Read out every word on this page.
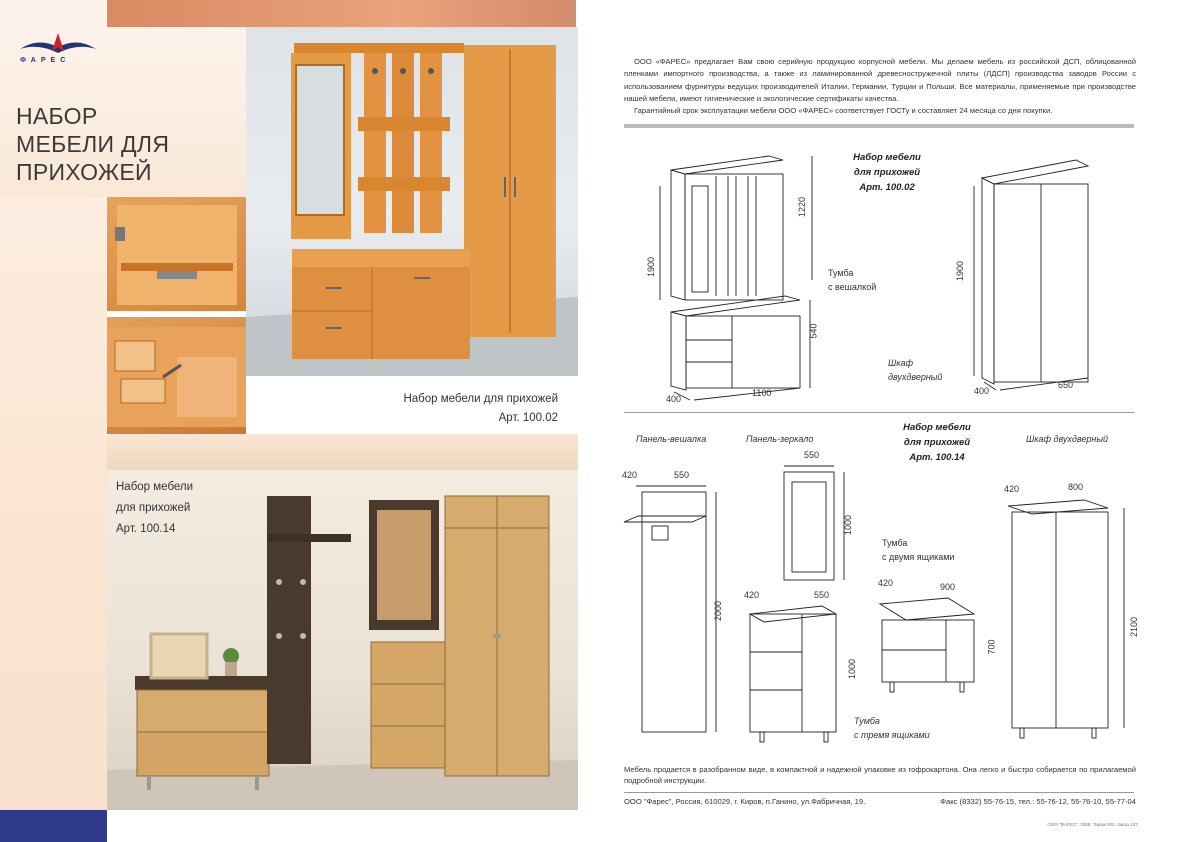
ФАРЕС
НАБОР
МЕБЕЛИ ДЛЯ
ПРИХОЖЕЙ
Набор мебели для прихожей
Арт. 100.02
Набор мебели
для прихожей
Арт. 100.14

ООО «ФАРЕС» предлагает Вам свою серийную продукцию корпусной мебели. Мы делаем мебель из российской ДСП, облицованной пленками импортного производства, а также из ламинированной древесностружечной плиты (ЛДСП) производства заводов России с использованием фурнитуры ведущих производителей Италии, Германии, Турции и Польши. Все материалы, применяемые при производстве нашей мебели, имеют гигиенические и экологические сертификаты качества.

Гарантийный срок эксплуатации мебели ООО «ФАРЕС» соответствует ГОСТу и составляет 24 месяца со дня покупки.

Набор мебели
для прихожей
Арт. 100.02
Тумба
с вешалкой
Шкаф
двухдверный
1220
1900
540
400
1100
1900
400
650
Панель-вешалка	Панель-зеркало
Набор мебели
для прихожей
Арт. 100.14
Шкаф двухдверный
Тумба
с двумя ящиками
Тумба
с тремя ящиками
420	550
2000
550
1000
420	550
1000
420	900
700
420	800
2100
Мебель продается в разобранном виде, в компактной и надежной упаковке из гофрокартона. Она легко и быстро собирается по прилагаемой подробной инструкции.
ООО "Фарес", Россия, 610029, г. Киров, п.Ганино, ул.Фабричная, 19.	Факс (8332) 55-76-15, тел.: 55-76-12, 55-76-10, 55-77-04
ООО "ФАРЕС". 2008. Тираж 500. Заказ 247.
